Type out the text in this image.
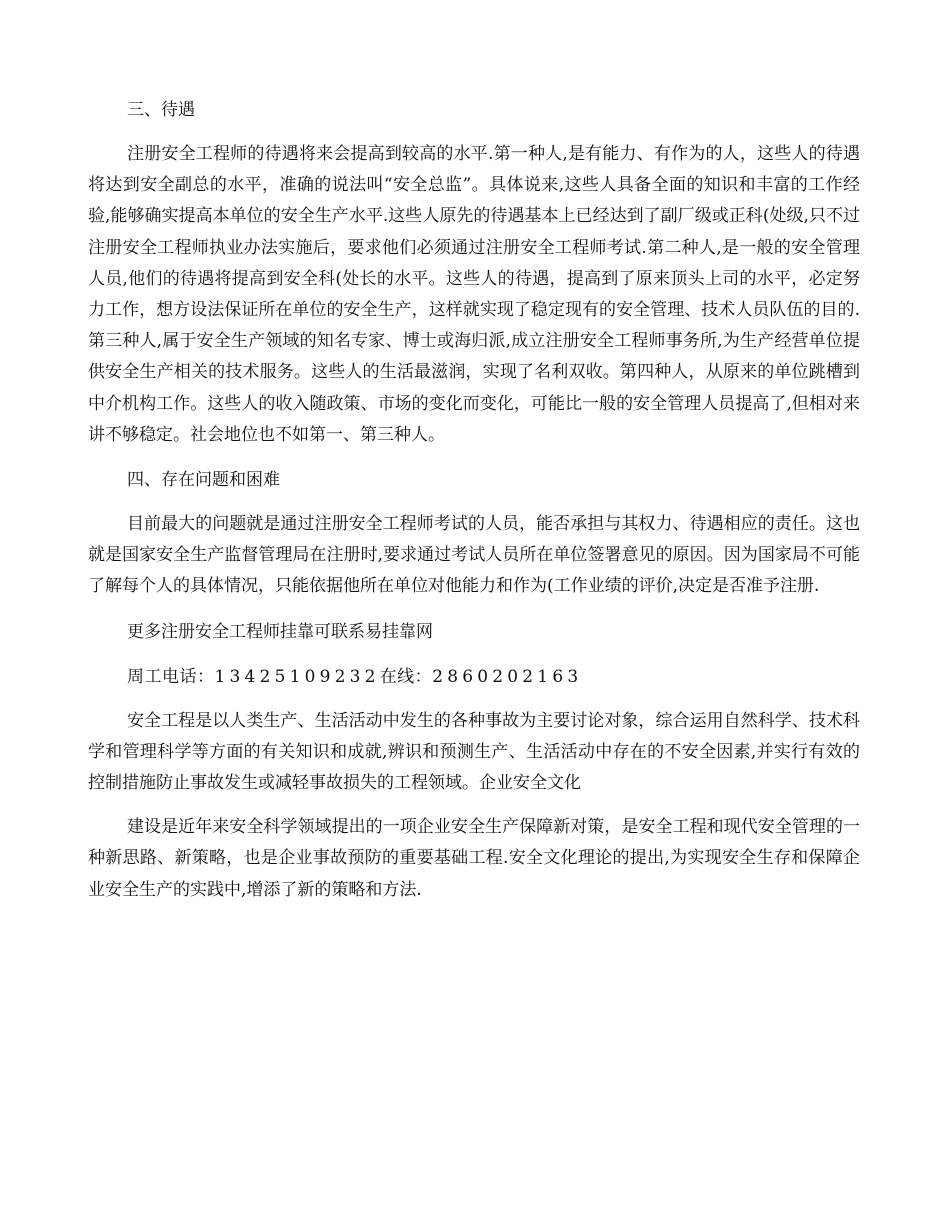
三、待遇

注册安全工程师的待遇将来会提高到较高的水平.第一种人,是有能力、有作为的人，这些人的待遇将达到安全副总的水平，准确的说法叫“安全总监”。具体说来,这些人具备全面的知识和丰富的工作经验,能够确实提高本单位的安全生产水平.这些人原先的待遇基本上已经达到了副厂级或正科(处级,只不过注册安全工程师执业办法实施后，要求他们必须通过注册安全工程师考试.第二种人,是一般的安全管理人员,他们的待遇将提高到安全科(处长的水平。这些人的待遇，提高到了原来顶头上司的水平，必定努力工作，想方设法保证所在单位的安全生产，这样就实现了稳定现有的安全管理、技术人员队伍的目的.第三种人,属于安全生产领域的知名专家、博士或海归派,成立注册安全工程师事务所,为生产经营单位提供安全生产相关的技术服务。这些人的生活最滋润，实现了名利双收。第四种人，从原来的单位跳槽到中介机构工作。这些人的收入随政策、市场的变化而变化，可能比一般的安全管理人员提高了,但相对来讲不够稳定。社会地位也不如第一、第三种人。

四、存在问题和困难

目前最大的问题就是通过注册安全工程师考试的人员，能否承担与其权力、待遇相应的责任。这也就是国家安全生产监督管理局在注册时,要求通过考试人员所在单位签署意见的原因。因为国家局不可能了解每个人的具体情况，只能依据他所在单位对他能力和作为(工作业绩的评价,决定是否准予注册.

更多注册安全工程师挂靠可联系易挂靠网

周工电话：13425109232在线：2860202163

安全工程是以人类生产、生活活动中发生的各种事故为主要讨论对象，综合运用自然科学、技术科学和管理科学等方面的有关知识和成就,辨识和预测生产、生活活动中存在的不安全因素,并实行有效的控制措施防止事故发生或减轻事故损失的工程领域。企业安全文化

建设是近年来安全科学领域提出的一项企业安全生产保障新对策，是安全工程和现代安全管理的一种新思路、新策略，也是企业事故预防的重要基础工程.安全文化理论的提出,为实现安全生存和保障企业安全生产的实践中,增添了新的策略和方法.
